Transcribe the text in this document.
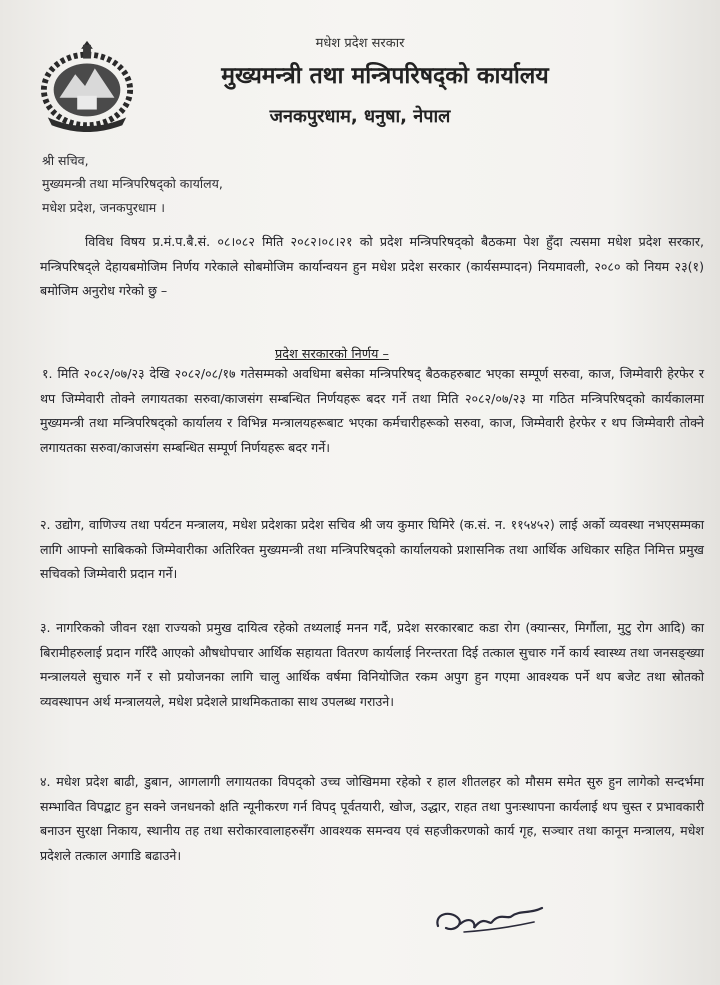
मधेश प्रदेश सरकार
मुख्यमन्त्री तथा मन्त्रिपरिषद्को कार्यालय
जनकपुरधाम, धनुषा, नेपाल
श्री सचिव,
मुख्यमन्त्री तथा मन्त्रिपरिषद्को कार्यालय,
मधेश प्रदेश, जनकपुरधाम ।

विविध विषय प्र.मं.प.बै.सं. ०८।०८२ मिति २०८२।०८।२१ को प्रदेश मन्त्रिपरिषद्को बैठकमा पेश हुँदा त्यसमा मधेश प्रदेश सरकार, मन्त्रिपरिषद्ले देहायबमोजिम निर्णय गरेकाले सोबमोजिम कार्यान्वयन हुन मधेश प्रदेश सरकार (कार्यसम्पादन) नियमावली, २०८० को नियम २३(१) बमोजिम अनुरोध गरेको छु –

प्रदेश सरकारको निर्णय –

१. मिति २०८२/०७/२३ देखि २०८२/०८/१७ गतेसम्मको अवधिमा बसेका मन्त्रिपरिषद् बैठकहरुबाट भएका सम्पूर्ण सरुवा, काज, जिम्मेवारी हेरफेर र थप जिम्मेवारी तोक्ने लगायतका सरुवा/काजसंग सम्बन्धित निर्णयहरू बदर गर्ने तथा मिति २०८२/०७/२३ मा गठित मन्त्रिपरिषद्को कार्यकालमा मुख्यमन्त्री तथा मन्त्रिपरिषद्को कार्यालय र विभिन्न मन्त्रालयहरूबाट भएका कर्मचारीहरूको सरुवा, काज, जिम्मेवारी हेरफेर र थप जिम्मेवारी तोक्ने लगायतका सरुवा/काजसंग सम्बन्धित सम्पूर्ण निर्णयहरू बदर गर्ने।

२. उद्योग, वाणिज्य तथा पर्यटन मन्त्रालय, मधेश प्रदेशका प्रदेश सचिव श्री जय कुमार घिमिरे (क.सं. न. ११५४५२) लाई अर्को व्यवस्था नभएसम्मका लागि आफ्नो साबिकको जिम्मेवारीका अतिरिक्त मुख्यमन्त्री तथा मन्त्रिपरिषद्को कार्यालयको प्रशासनिक तथा आर्थिक अधिकार सहित निमित्त प्रमुख सचिवको जिम्मेवारी प्रदान गर्ने।

३. नागरिकको जीवन रक्षा राज्यको प्रमुख दायित्व रहेको तथ्यलाई मनन गर्दै, प्रदेश सरकारबाट कडा रोग (क्यान्सर, मिर्गौला, मुटु रोग आदि) का बिरामीहरुलाई प्रदान गरिँदै आएको औषधोपचार आर्थिक सहायता वितरण कार्यलाई निरन्तरता दिई तत्काल सुचारु गर्ने कार्य स्वास्थ्य तथा जनसङ्ख्या मन्त्रालयले सुचारु गर्ने र सो प्रयोजनका लागि चालु आर्थिक वर्षमा विनियोजित रकम अपुग हुन गएमा आवश्यक पर्ने थप बजेट तथा स्रोतको व्यवस्थापन अर्थ मन्त्रालयले, मधेश प्रदेशले प्राथमिकताका साथ उपलब्ध गराउने।

४. मधेश प्रदेश बाढी, डुबान, आगलागी लगायतका विपद्को उच्च जोखिममा रहेको र हाल शीतलहर को मौसम समेत सुरु हुन लागेको सन्दर्भमा सम्भावित विपद्बाट हुन सक्ने जनधनको क्षति न्यूनीकरण गर्न विपद् पूर्वतयारी, खोज, उद्धार, राहत तथा पुनःस्थापना कार्यलाई थप चुस्त र प्रभावकारी बनाउन सुरक्षा निकाय, स्थानीय तह तथा सरोकारवालाहरुसँग आवश्यक समन्वय एवं सहजीकरणको कार्य गृह, सञ्चार तथा कानून मन्त्रालय, मधेश प्रदेशले तत्काल अगाडि बढाउने।
